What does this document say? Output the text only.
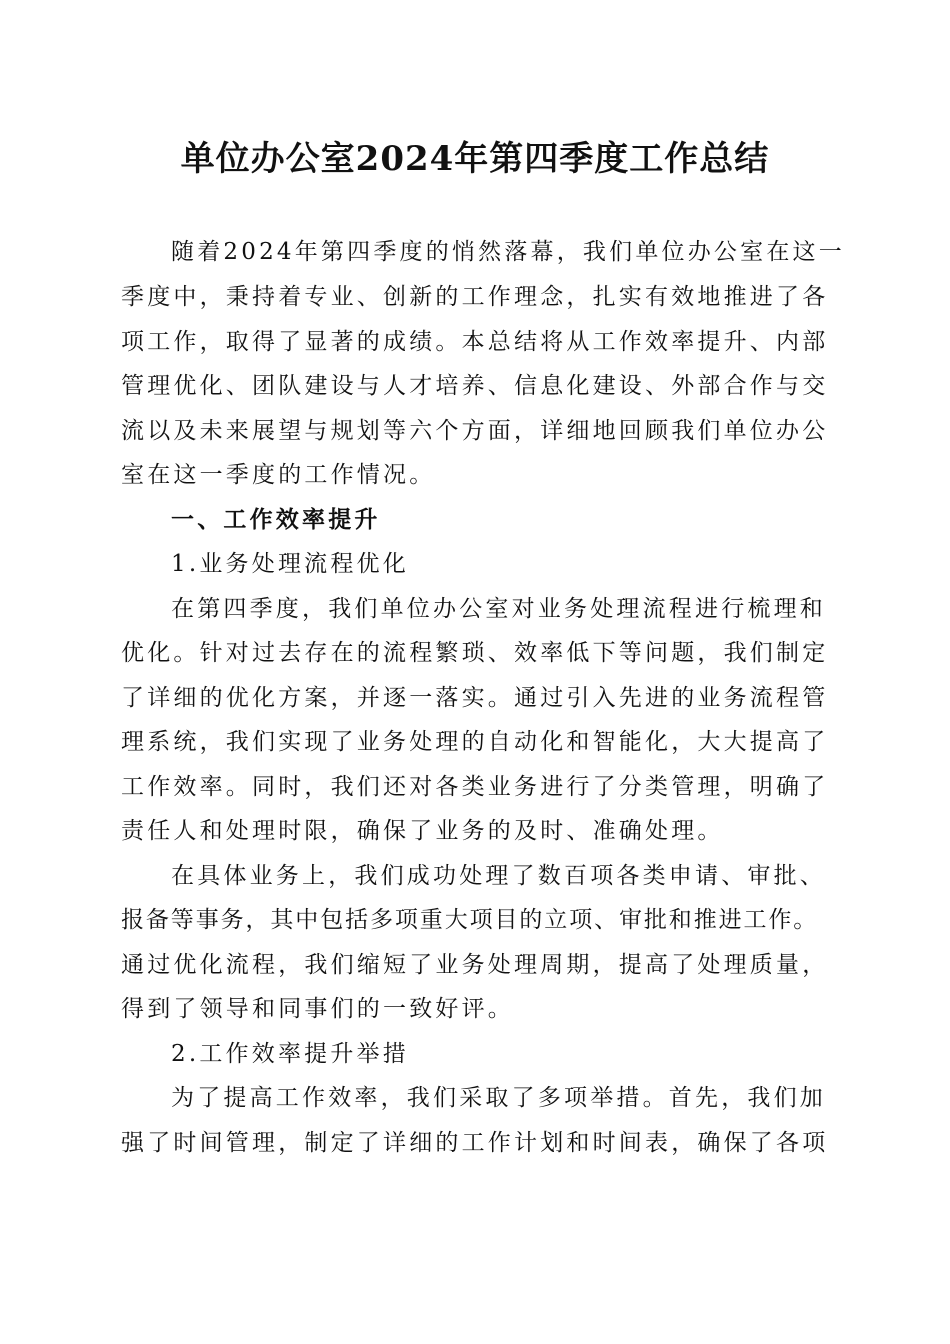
单位办公室2024年第四季度工作总结

随着2024年第四季度的悄然落幕，我们单位办公室在这一

季度中，秉持着专业、创新的工作理念，扎实有效地推进了各

项工作，取得了显著的成绩。本总结将从工作效率提升、内部

管理优化、团队建设与人才培养、信息化建设、外部合作与交

流以及未来展望与规划等六个方面，详细地回顾我们单位办公

室在这一季度的工作情况。

一、工作效率提升

1.业务处理流程优化

在第四季度，我们单位办公室对业务处理流程进行梳理和

优化。针对过去存在的流程繁琐、效率低下等问题，我们制定

了详细的优化方案，并逐一落实。通过引入先进的业务流程管

理系统，我们实现了业务处理的自动化和智能化，大大提高了

工作效率。同时，我们还对各类业务进行了分类管理，明确了

责任人和处理时限，确保了业务的及时、准确处理。

在具体业务上，我们成功处理了数百项各类申请、审批、

报备等事务，其中包括多项重大项目的立项、审批和推进工作。

通过优化流程，我们缩短了业务处理周期，提高了处理质量，

得到了领导和同事们的一致好评。

2.工作效率提升举措

为了提高工作效率，我们采取了多项举措。首先，我们加

强了时间管理，制定了详细的工作计划和时间表，确保了各项
